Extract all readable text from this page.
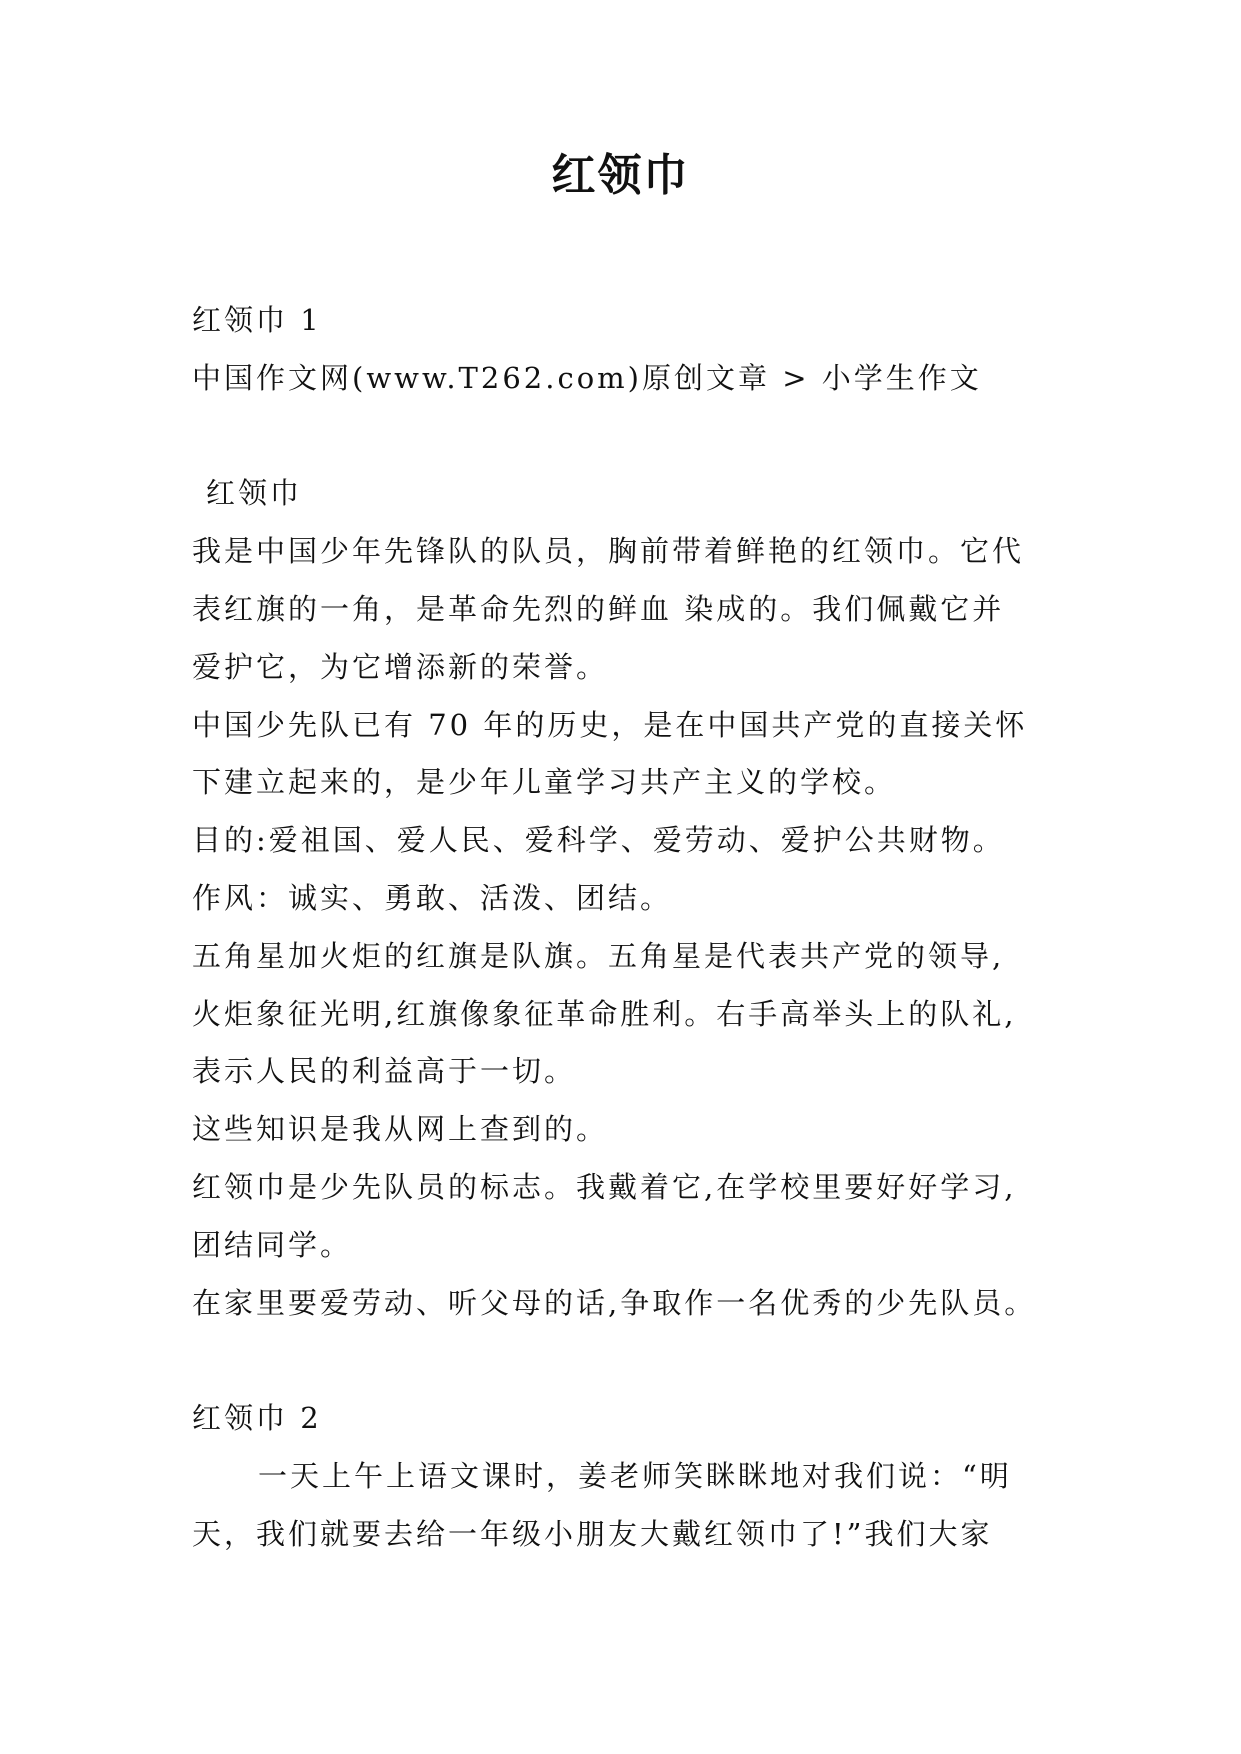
红领巾
红领巾 1
中国作文网(www.T262.com)原创文章 > 小学生作文
红领巾
我是中国少年先锋队的队员，胸前带着鲜艳的红领巾。它代
表红旗的一角，是革命先烈的鲜血 染成的。我们佩戴它并
爱护它，为它增添新的荣誉。
中国少先队已有 70 年的历史，是在中国共产党的直接关怀
下建立起来的，是少年儿童学习共产主义的学校。
目的:爱祖国、爱人民、爱科学、爱劳动、爱护公共财物。
作风：诚实、勇敢、活泼、团结。
五角星加火炬的红旗是队旗。五角星是代表共产党的领导,
火炬象征光明,红旗像象征革命胜利。右手高举头上的队礼,
表示人民的利益高于一切。
这些知识是我从网上查到的。
红领巾是少先队员的标志。我戴着它,在学校里要好好学习,
团结同学。
在家里要爱劳动、听父母的话,争取作一名优秀的少先队员。
红领巾 2
一天上午上语文课时，姜老师笑眯眯地对我们说：“明
天，我们就要去给一年级小朋友大戴红领巾了!”我们大家
